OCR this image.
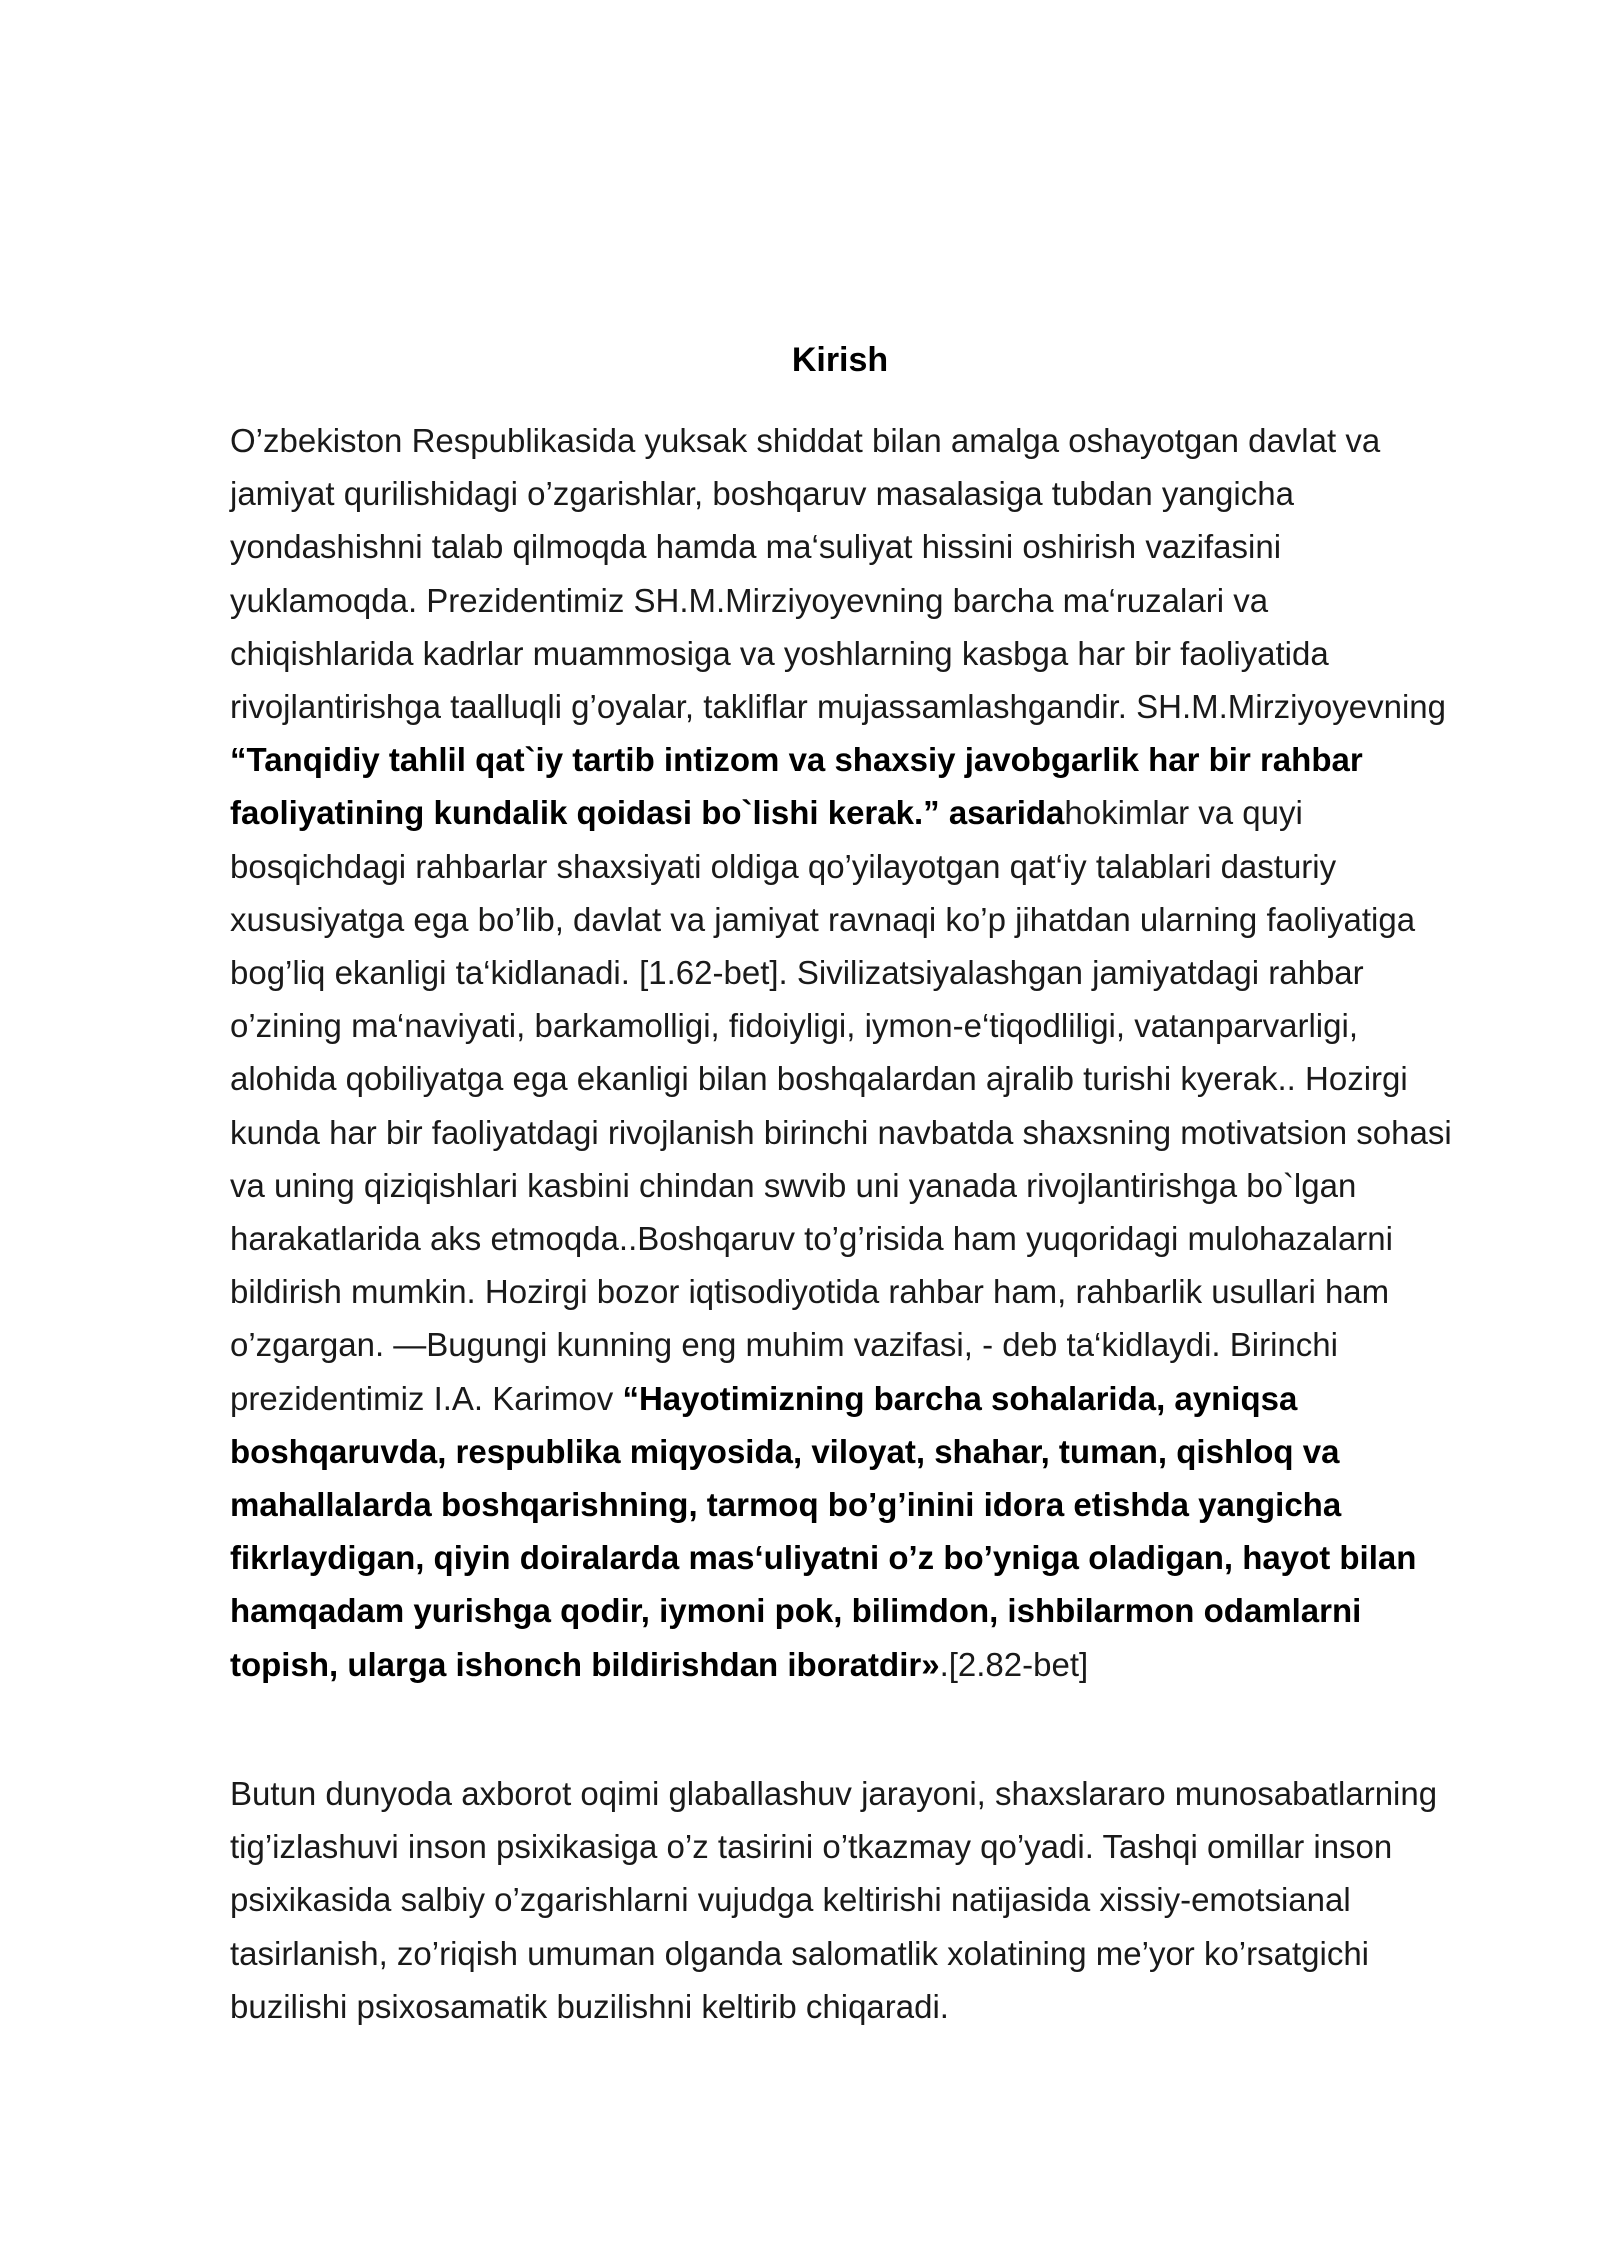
Kirish

O’zbekiston Respublikasida yuksak shiddat bilan amalga oshayotgan davlat va jamiyat qurilishidagi o’zgarishlar, boshqaruv masalasiga tubdan yangicha yondashishni talab qilmoqda hamda ma‘suliyat hissini oshirish vazifasini yuklamoqda. Prezidentimiz SH.M.Mirziyoyevning barcha ma‘ruzalari va chiqishlarida kadrlar muammosiga va yoshlarning kasbga har bir faoliyatida rivojlantirishga taalluqli g’oyalar, takliflar mujassamlashgandir. SH.M.Mirziyoyevning “Tanqidiy tahlil qat`iy tartib intizom va shaxsiy javobgarlik har bir rahbar faoliyatining kundalik qoidasi bo`lishi kerak.” asaridahokimlar va quyi bosqichdagi rahbarlar shaxsiyati oldiga qo’yilayotgan qat‘iy talablari dasturiy xususiyatga ega bo’lib, davlat va jamiyat ravnaqi ko’p jihatdan ularning faoliyatiga bog’liq ekanligi ta‘kidlanadi. [1.62-bet]. Sivilizatsiyalashgan jamiyatdagi rahbar o’zining ma‘naviyati, barkamolligi, fidoiyligi, iymon-e‘tiqodliligi, vatanparvarligi, alohida qobiliyatga ega ekanligi bilan boshqalardan ajralib turishi kyerak.. Hozirgi kunda har bir faoliyatdagi rivojlanish birinchi navbatda shaxsning motivatsion sohasi va uning qiziqishlari kasbini chindan swvib uni yanada rivojlantirishga bo`lgan harakatlarida aks etmoqda..Boshqaruv to’g’risida ham yuqoridagi mulohazalarni bildirish mumkin. Hozirgi bozor iqtisodiyotida rahbar ham, rahbarlik usullari ham o’zgargan. ―Bugungi kunning eng muhim vazifasi, - deb ta‘kidlaydi. Birinchi prezidentimiz I.A. Karimov “Hayotimizning barcha sohalarida, ayniqsa boshqaruvda, respublika miqyosida, viloyat, shahar, tuman, qishloq va mahallalarda boshqarishning, tarmoq bo’g’inini idora etishda yangicha fikrlaydigan, qiyin doiralarda mas‘uliyatni o’z bo’yniga oladigan, hayot bilan hamqadam yurishga qodir, iymoni pok, bilimdon, ishbilarmon odamlarni topish, ularga ishonch bildirishdan iboratdir».[2.82-bet]

Butun dunyoda axborot oqimi glaballashuv jarayoni, shaxslararo munosabatlarning tig’izlashuvi inson psixikasiga o’z tasirini o’tkazmay qo’yadi. Tashqi omillar inson psixikasida salbiy o’zgarishlarni vujudga keltirishi natijasida xissiy-emotsianal tasirlanish, zo’riqish umuman olganda salomatlik xolatining me’yor ko’rsatgichi buzilishi psixosamatik buzilishni keltirib chiqaradi.
